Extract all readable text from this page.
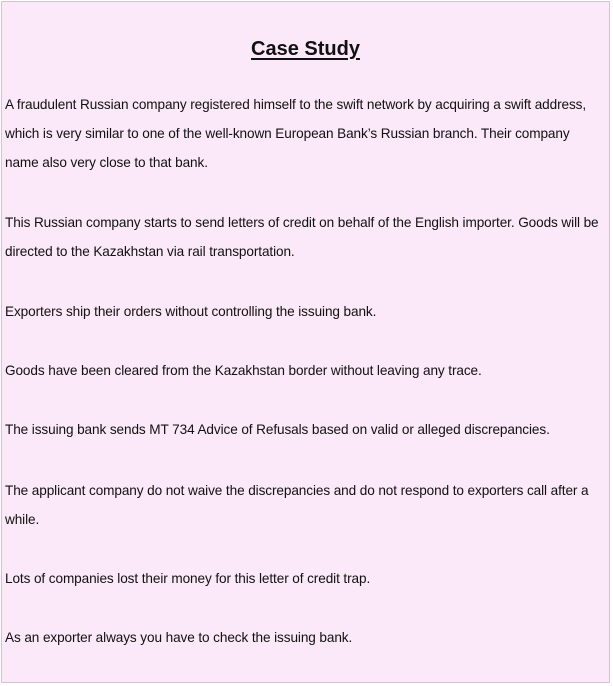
Case Study

A fraudulent Russian company registered himself to the swift network by acquiring a swift address, which is very similar to one of the well-known European Bank’s Russian branch. Their company name also very close to that bank.

This Russian company starts to send letters of credit on behalf of the English importer. Goods will be directed to the Kazakhstan via rail transportation.

Exporters ship their orders without controlling the issuing bank.

Goods have been cleared from the Kazakhstan border without leaving any trace.

The issuing bank sends MT 734 Advice of Refusals based on valid or alleged discrepancies.

The applicant company do not waive the discrepancies and do not respond to exporters call after a while.

Lots of companies lost their money for this letter of credit trap.

As an exporter always you have to check the issuing bank.
